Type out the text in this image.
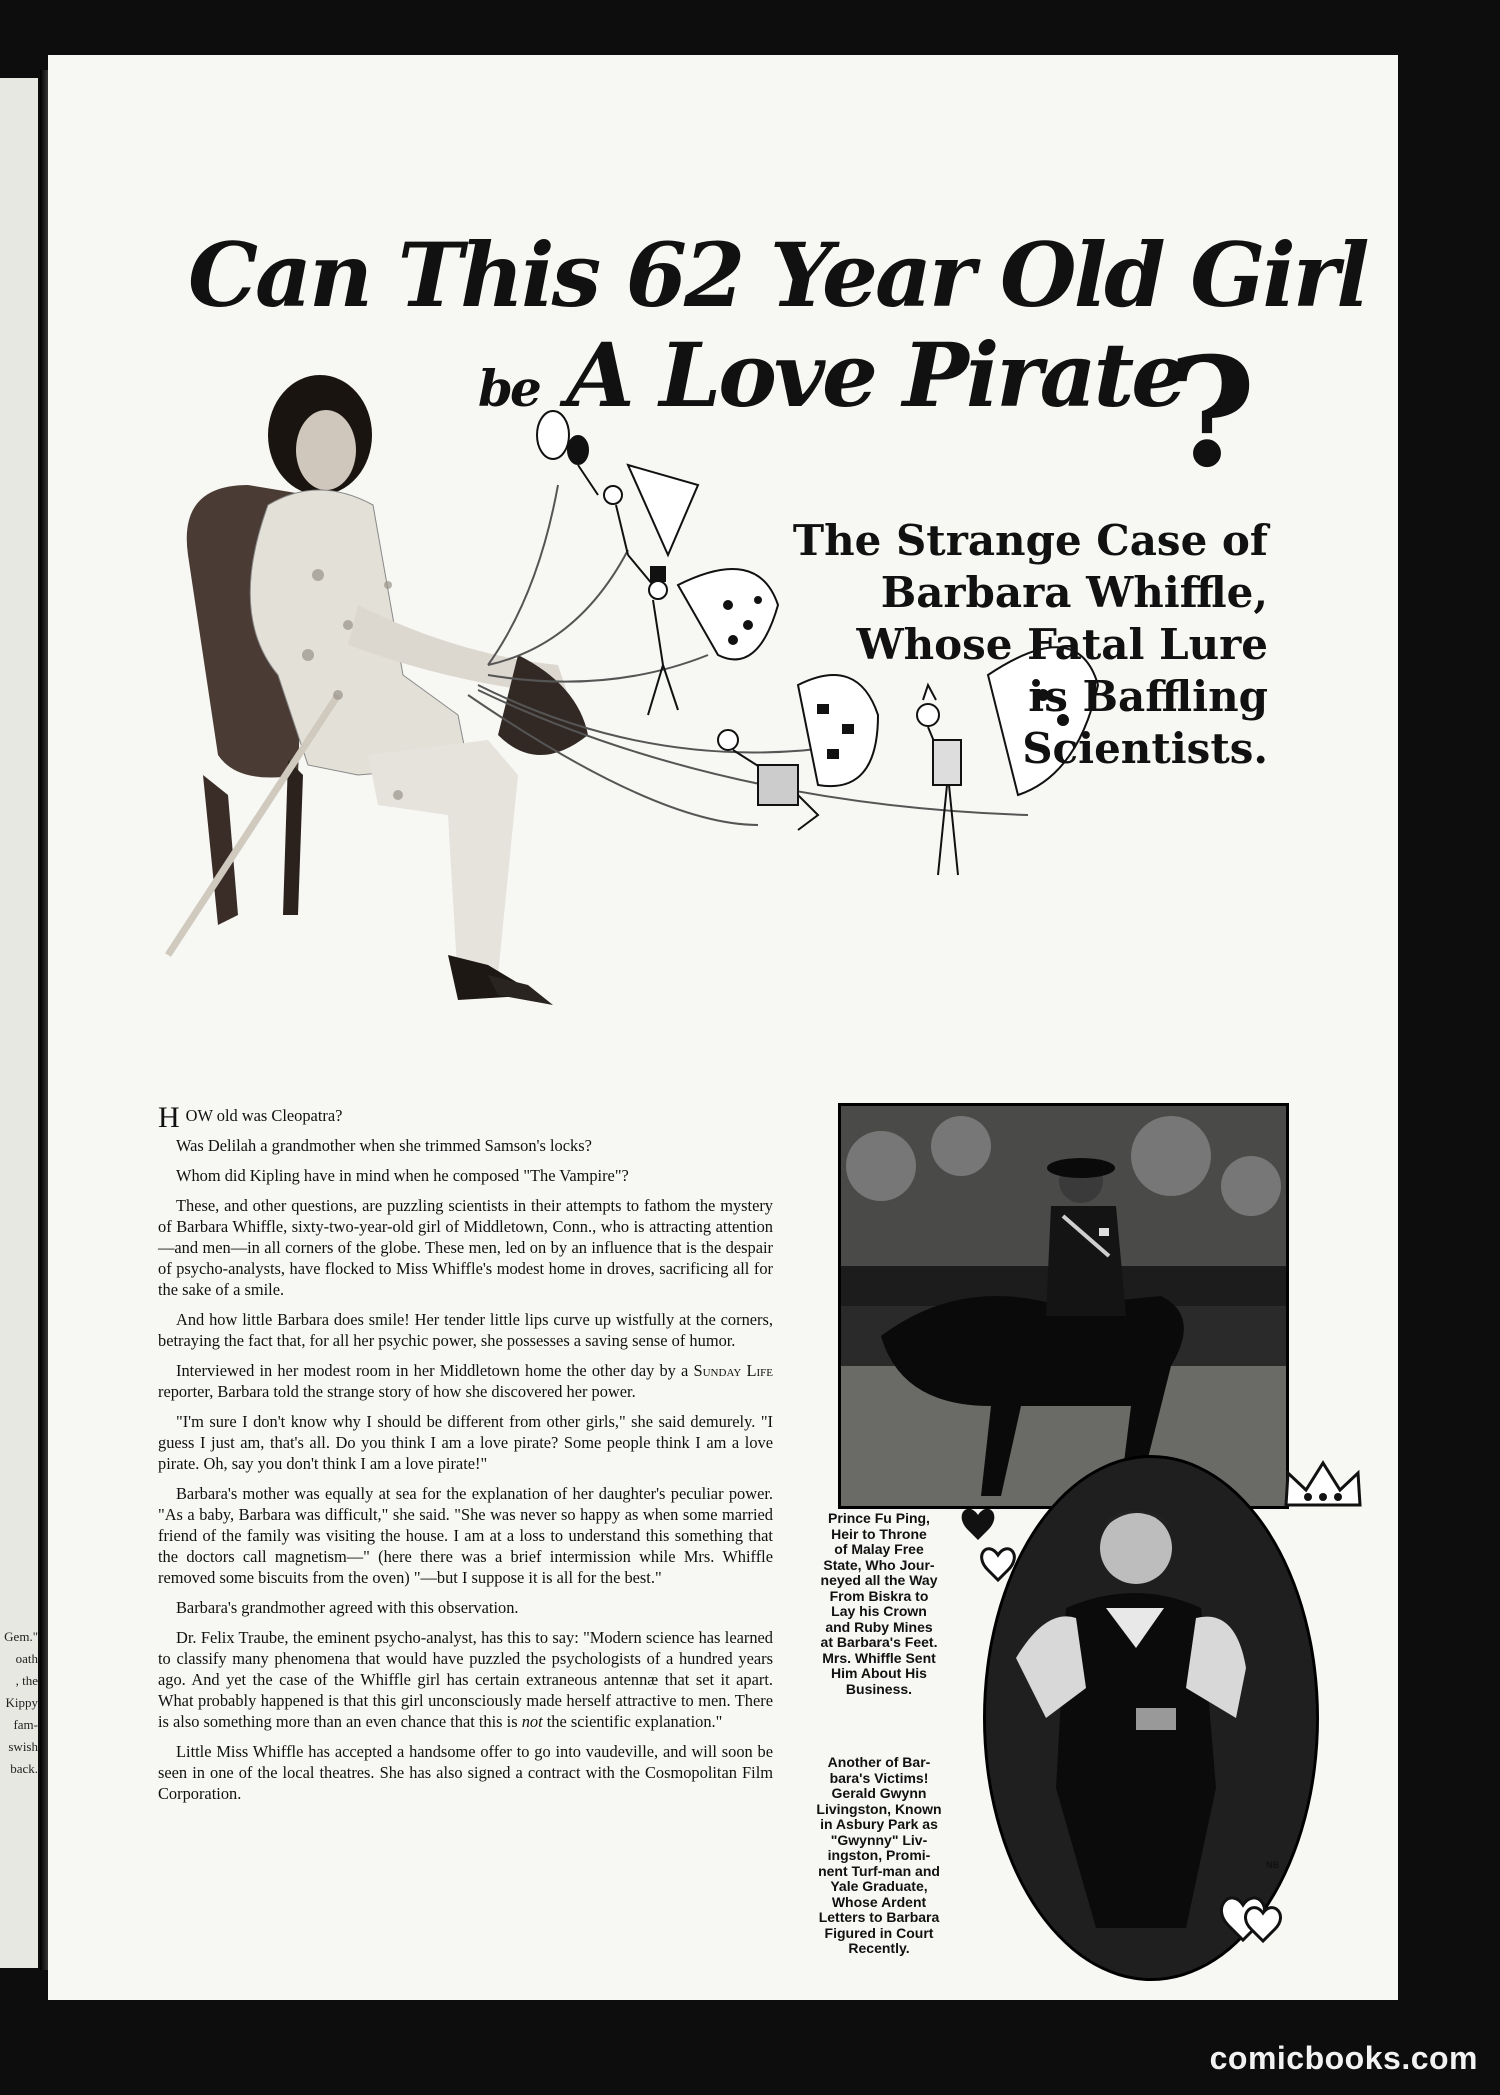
Gem."
oath
, the
Kippy
fam-
swish
back.
Can This 62 Year Old Girl
be A Love Pirate
?
The Strange Case of
Barbara Whiffle,
Whose Fatal Lure
is Baffling
Scientists.

HOW old was Cleopatra?

Was Delilah a grandmother when she trimmed Samson's locks?

Whom did Kipling have in mind when he composed "The Vampire"?

These, and other questions, are puzzling scientists in their attempts to fathom the mystery of Barbara Whiffle, sixty-two-year-old girl of Middletown, Conn., who is attracting attention—and men—in all corners of the globe. These men, led on by an influence that is the despair of psycho-analysts, have flocked to Miss Whiffle's modest home in droves, sacrificing all for the sake of a smile.

And how little Barbara does smile! Her tender little lips curve up wistfully at the corners, betraying the fact that, for all her psychic power, she possesses a saving sense of humor.

Interviewed in her modest room in her Middletown home the other day by a Sunday Life reporter, Barbara told the strange story of how she discovered her power.

"I'm sure I don't know why I should be different from other girls," she said demurely. "I guess I just am, that's all. Do you think I am a love pirate? Some people think I am a love pirate. Oh, say you don't think I am a love pirate!"

Barbara's mother was equally at sea for the explanation of her daughter's peculiar power. "As a baby, Barbara was difficult," she said. "She was never so happy as when some married friend of the family was visiting the house. I am at a loss to understand this something that the doctors call magnetism—" (here there was a brief intermission while Mrs. Whiffle removed some biscuits from the oven) "—but I suppose it is all for the best."

Barbara's grandmother agreed with this observation.

Dr. Felix Traube, the eminent psycho-analyst, has this to say: "Modern science has learned to classify many phenomena that would have puzzled the psychologists of a hundred years ago. And yet the case of the Whiffle girl has certain extraneous antennæ that set it apart. What probably happened is that this girl unconsciously made herself attractive to men. There is also something more than an even chance that this is not the scientific explanation."

Little Miss Whiffle has accepted a handsome offer to go into vaudeville, and will soon be seen in one of the local theatres. She has also signed a contract with the Cosmopolitan Film Corporation.

Prince Fu Ping,
Heir to Throne
of Malay Free
State, Who Jour-
neyed all the Way
From Biskra to
Lay his Crown
and Ruby Mines
at Barbara's Feet.
Mrs. Whiffle Sent
Him About His
Business.
Another of Bar-
bara's Victims!
Gerald Gwynn
Livingston, Known
in Asbury Park as
"Gwynny" Liv-
ingston, Promi-
nent Turf-man and
Yale Graduate,
Whose Ardent
Letters to Barbara
Figured in Court
Recently.
NB
comicbooks.com
